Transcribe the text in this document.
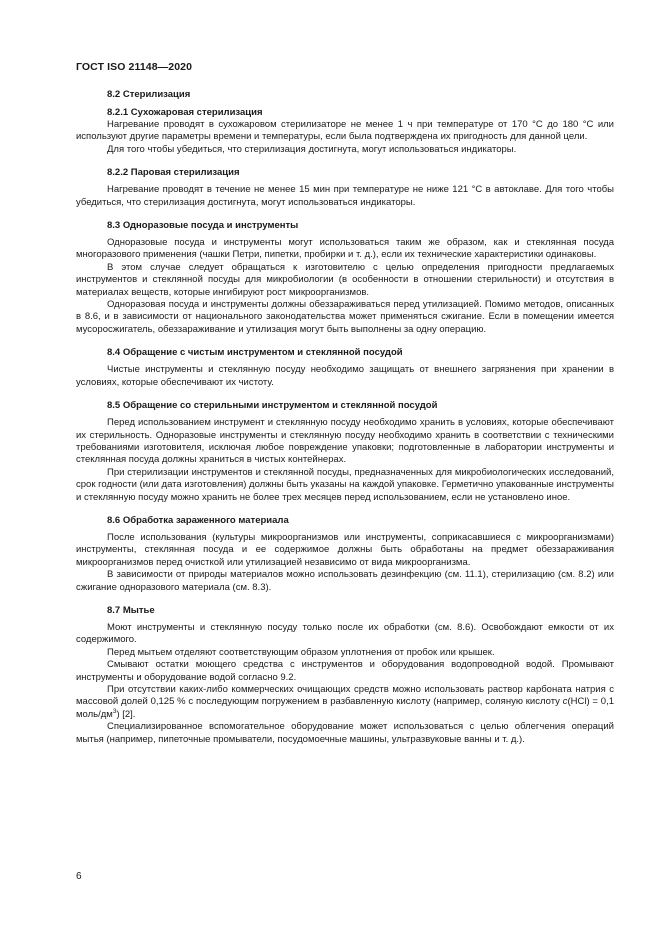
ГОСТ ISO 21148—2020
8.2 Стерилизация
8.2.1 Сухожаровая стерилизация

Нагревание проводят в сухожаровом стерилизаторе не менее 1 ч при температуре от 170 °С до 180 °С или используют другие параметры времени и температуры, если была подтверждена их пригодность для данной цели.

Для того чтобы убедиться, что стерилизация достигнута, могут использоваться индикаторы.

8.2.2 Паровая стерилизация

Нагревание проводят в течение не менее 15 мин при температуре не ниже 121 °С в автоклаве. Для того чтобы убедиться, что стерилизация достигнута, могут использоваться индикаторы.

8.3 Одноразовые посуда и инструменты

Одноразовые посуда и инструменты могут использоваться таким же образом, как и стеклянная посуда многоразового применения (чашки Петри, пипетки, пробирки и т. д.), если их технические характеристики одинаковы.

В этом случае следует обращаться к изготовителю с целью определения пригодности предлагаемых инструментов и стеклянной посуды для микробиологии (в особенности в отношении стерильности) и отсутствия в материалах веществ, которые ингибируют рост микроорганизмов.

Одноразовая посуда и инструменты должны обеззараживаться перед утилизацией. Помимо методов, описанных в 8.6, и в зависимости от национального законодательства может применяться сжигание. Если в помещении имеется мусоросжигатель, обеззараживание и утилизация могут быть выполнены за одну операцию.

8.4 Обращение с чистым инструментом и стеклянной посудой

Чистые инструменты и стеклянную посуду необходимо защищать от внешнего загрязнения при хранении в условиях, которые обеспечивают их чистоту.

8.5 Обращение со стерильными инструментом и стеклянной посудой

Перед использованием инструмент и стеклянную посуду необходимо хранить в условиях, которые обеспечивают их стерильность. Одноразовые инструменты и стеклянную посуду необходимо хранить в соответствии с техническими требованиями изготовителя, исключая любое повреждение упаковки; подготовленные в лаборатории инструменты и стеклянная посуда должны храниться в чистых контейнерах.

При стерилизации инструментов и стеклянной посуды, предназначенных для микробиологических исследований, срок годности (или дата изготовления) должны быть указаны на каждой упаковке. Герметично упакованные инструменты и стеклянную посуду можно хранить не более трех месяцев перед использованием, если не установлено иное.

8.6 Обработка зараженного материала

После использования (культуры микроорганизмов или инструменты, соприкасавшиеся с микроорганизмами) инструменты, стеклянная посуда и ее содержимое должны быть обработаны на предмет обеззараживания микроорганизмов перед очисткой или утилизацией независимо от вида микроорганизма.

В зависимости от природы материалов можно использовать дезинфекцию (см. 11.1), стерилизацию (см. 8.2) или сжигание одноразового материала (см. 8.3).

8.7 Мытье

Моют инструменты и стеклянную посуду только после их обработки (см. 8.6). Освобождают емкости от их содержимого.

Перед мытьем отделяют соответствующим образом уплотнения от пробок или крышек.

Смывают остатки моющего средства с инструментов и оборудования водопроводной водой. Промывают инструменты и оборудование водой согласно 9.2.

При отсутствии каких-либо коммерческих очищающих средств можно использовать раствор карбоната натрия с массовой долей 0,125 % с последующим погружением в разбавленную кислоту (например, соляную кислоту c(HCl) = 0,1 моль/$дм^3$) [2].

Специализированное вспомогательное оборудование может использоваться с целью облегчения операций мытья (например, пипеточные промыватели, посудомоечные машины, ультразвуковые ванны и т. д.).

6
